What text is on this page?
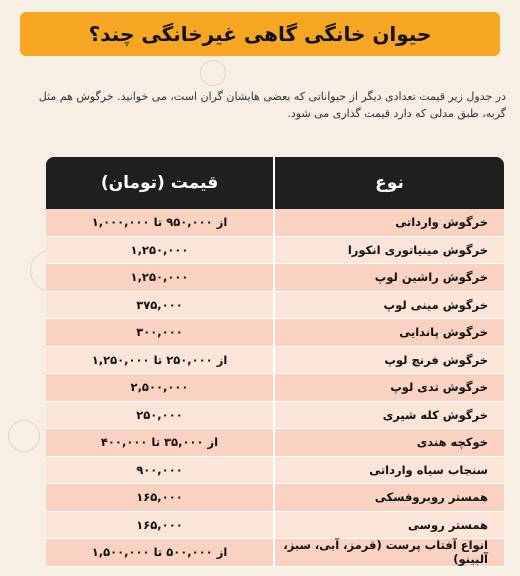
حیوان خانگی گاهی غیرخانگی چند؟
در جدول زیر قیمت تعدادی دیگر از حیواناتی که بعضی هایشان گران است، می خوانید. خرگوش هم مثل گربه، طبق مدلی که دارد قیمت گذاری می شود.
نوع
قیمت (تومان)
خرگوش وارداتی
از ۹۵۰,۰۰۰ تا ۱,۰۰۰,۰۰۰
خرگوش مینیاتوری انکورا
۱,۲۵۰,۰۰۰
خرگوش راشین لوپ
۱,۲۵۰,۰۰۰
خرگوش مینی لوپ
۳۷۵,۰۰۰
خرگوش پاندایی
۳۰۰,۰۰۰
خرگوش فرنچ لوپ
از ۲۵۰,۰۰۰ تا ۱,۲۵۰,۰۰۰
خرگوش تدی لوپ
۲,۵۰۰,۰۰۰
خرگوش کله شیری
۲۵۰,۰۰۰
خوکچه هندی
از ۳۵,۰۰۰ تا ۴۰۰,۰۰۰
سنجاب سیاه وارداتی
۹۰۰,۰۰۰
همستر روبروفسکی
۱۶۵,۰۰۰
همستر روسی
۱۶۵,۰۰۰
انواع آفتاب پرست (قرمز، آبی، سبز، آلبینو)
از ۵۰۰,۰۰۰ تا ۱,۵۰۰,۰۰۰
